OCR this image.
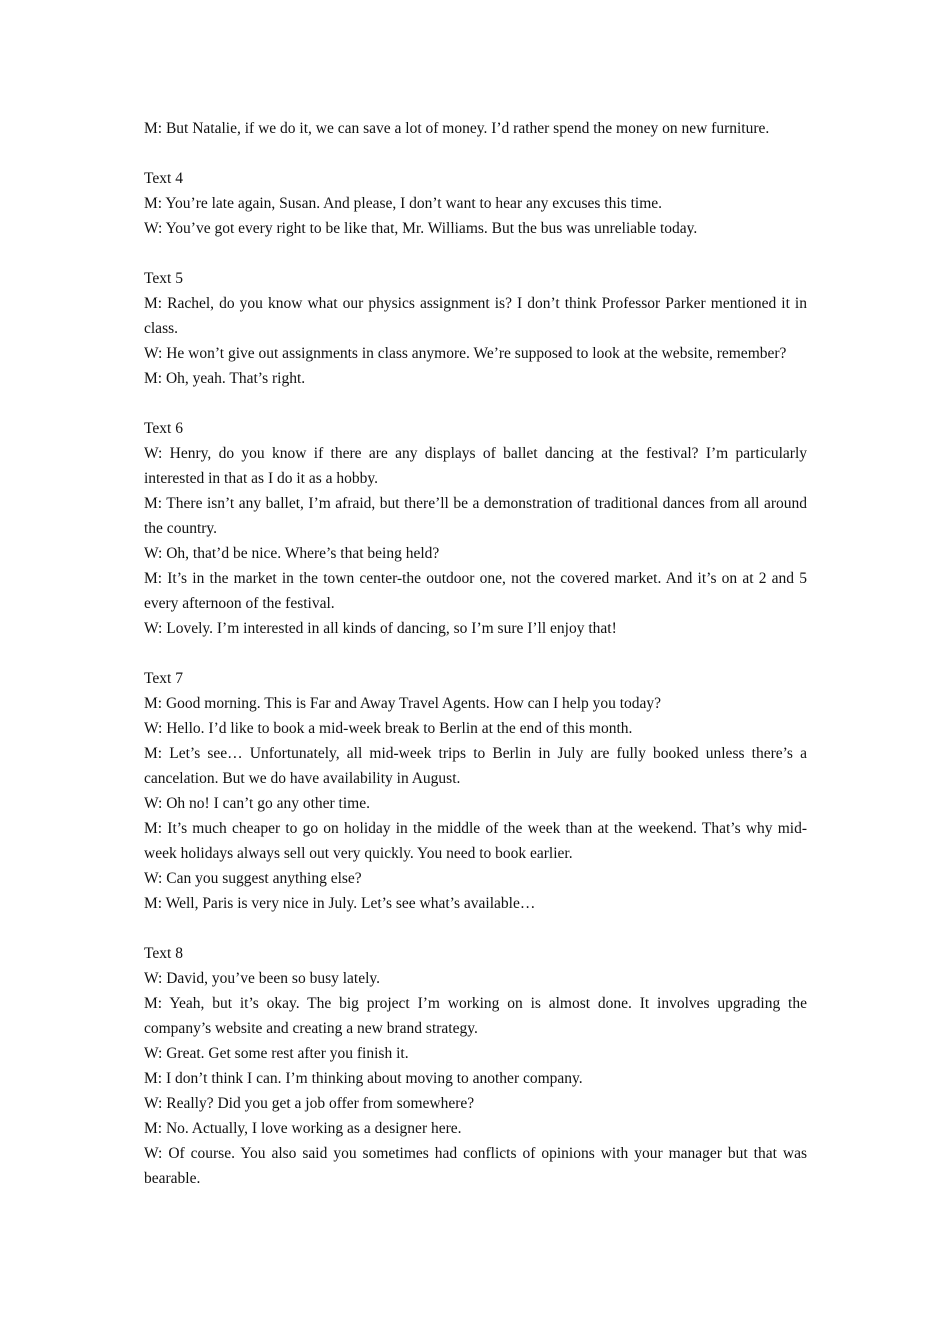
M: But Natalie, if we do it, we can save a lot of money. I’d rather spend the money on new furniture.

Text 4

M: You’re late again, Susan. And please, I don’t want to hear any excuses this time.

W: You’ve got every right to be like that, Mr. Williams. But the bus was unreliable today.

Text 5

M: Rachel, do you know what our physics assignment is? I don’t think Professor Parker mentioned it in class.

W: He won’t give out assignments in class anymore. We’re supposed to look at the website, remember?

M: Oh, yeah. That’s right.

Text 6

W: Henry, do you know if there are any displays of ballet dancing at the festival? I’m particularly interested in that as I do it as a hobby.

M: There isn’t any ballet, I’m afraid, but there’ll be a demonstration of traditional dances from all around the country.

W: Oh, that’d be nice. Where’s that being held?

M: It’s in the market in the town center-the outdoor one, not the covered market. And it’s on at 2 and 5 every afternoon of the festival.

W: Lovely. I’m interested in all kinds of dancing, so I’m sure I’ll enjoy that!

Text 7

M: Good morning. This is Far and Away Travel Agents. How can I help you today?

W: Hello. I’d like to book a mid-week break to Berlin at the end of this month.

M: Let’s see… Unfortunately, all mid-week trips to Berlin in July are fully booked unless there’s a cancelation. But we do have availability in August.

W: Oh no! I can’t go any other time.

M: It’s much cheaper to go on holiday in the middle of the week than at the weekend. That’s why mid-week holidays always sell out very quickly. You need to book earlier.

W: Can you suggest anything else?

M: Well, Paris is very nice in July. Let’s see what’s available…

Text 8

W: David, you’ve been so busy lately.

M: Yeah, but it’s okay. The big project I’m working on is almost done. It involves upgrading the company’s website and creating a new brand strategy.

W: Great. Get some rest after you finish it.

M: I don’t think I can. I’m thinking about moving to another company.

W: Really? Did you get a job offer from somewhere?

M: No. Actually, I love working as a designer here.

W: Of course. You also said you sometimes had conflicts of opinions with your manager but that was bearable.
